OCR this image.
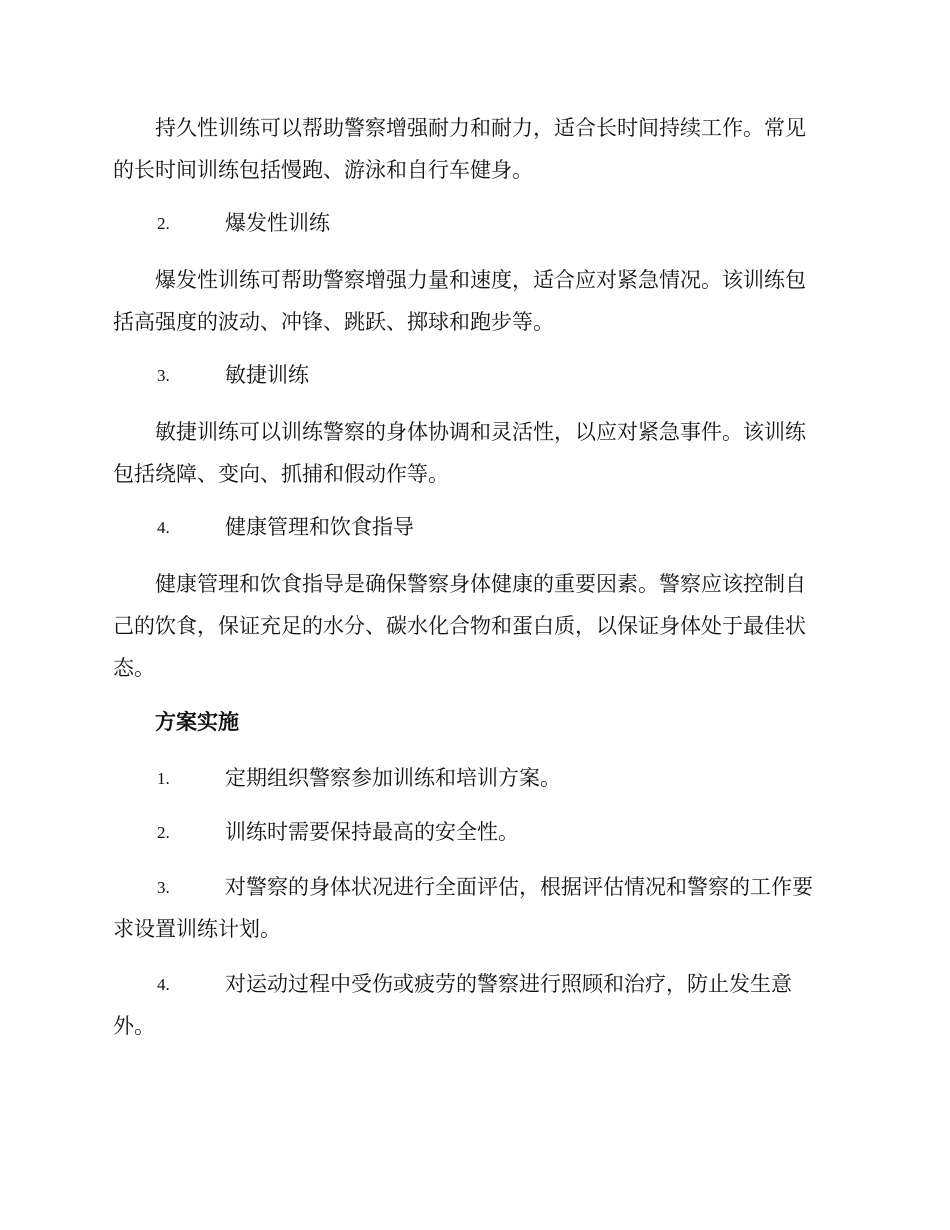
持久性训练可以帮助警察增强耐力和耐力，适合长时间持续工作。常见
的长时间训练包括慢跑、游泳和自行车健身。
2.	爆发性训练
爆发性训练可帮助警察增强力量和速度，适合应对紧急情况。该训练包
括高强度的波动、冲锋、跳跃、掷球和跑步等。
3.	敏捷训练
敏捷训练可以训练警察的身体协调和灵活性，以应对紧急事件。该训练
包括绕障、变向、抓捕和假动作等。
4.	健康管理和饮食指导
健康管理和饮食指导是确保警察身体健康的重要因素。警察应该控制自
己的饮食，保证充足的水分、碳水化合物和蛋白质，以保证身体处于最佳状
态。
方案实施
1.	定期组织警察参加训练和培训方案。
2.	训练时需要保持最高的安全性。
3.	对警察的身体状况进行全面评估，根据评估情况和警察的工作要
求设置训练计划。
4.	对运动过程中受伤或疲劳的警察进行照顾和治疗，防止发生意
外。
